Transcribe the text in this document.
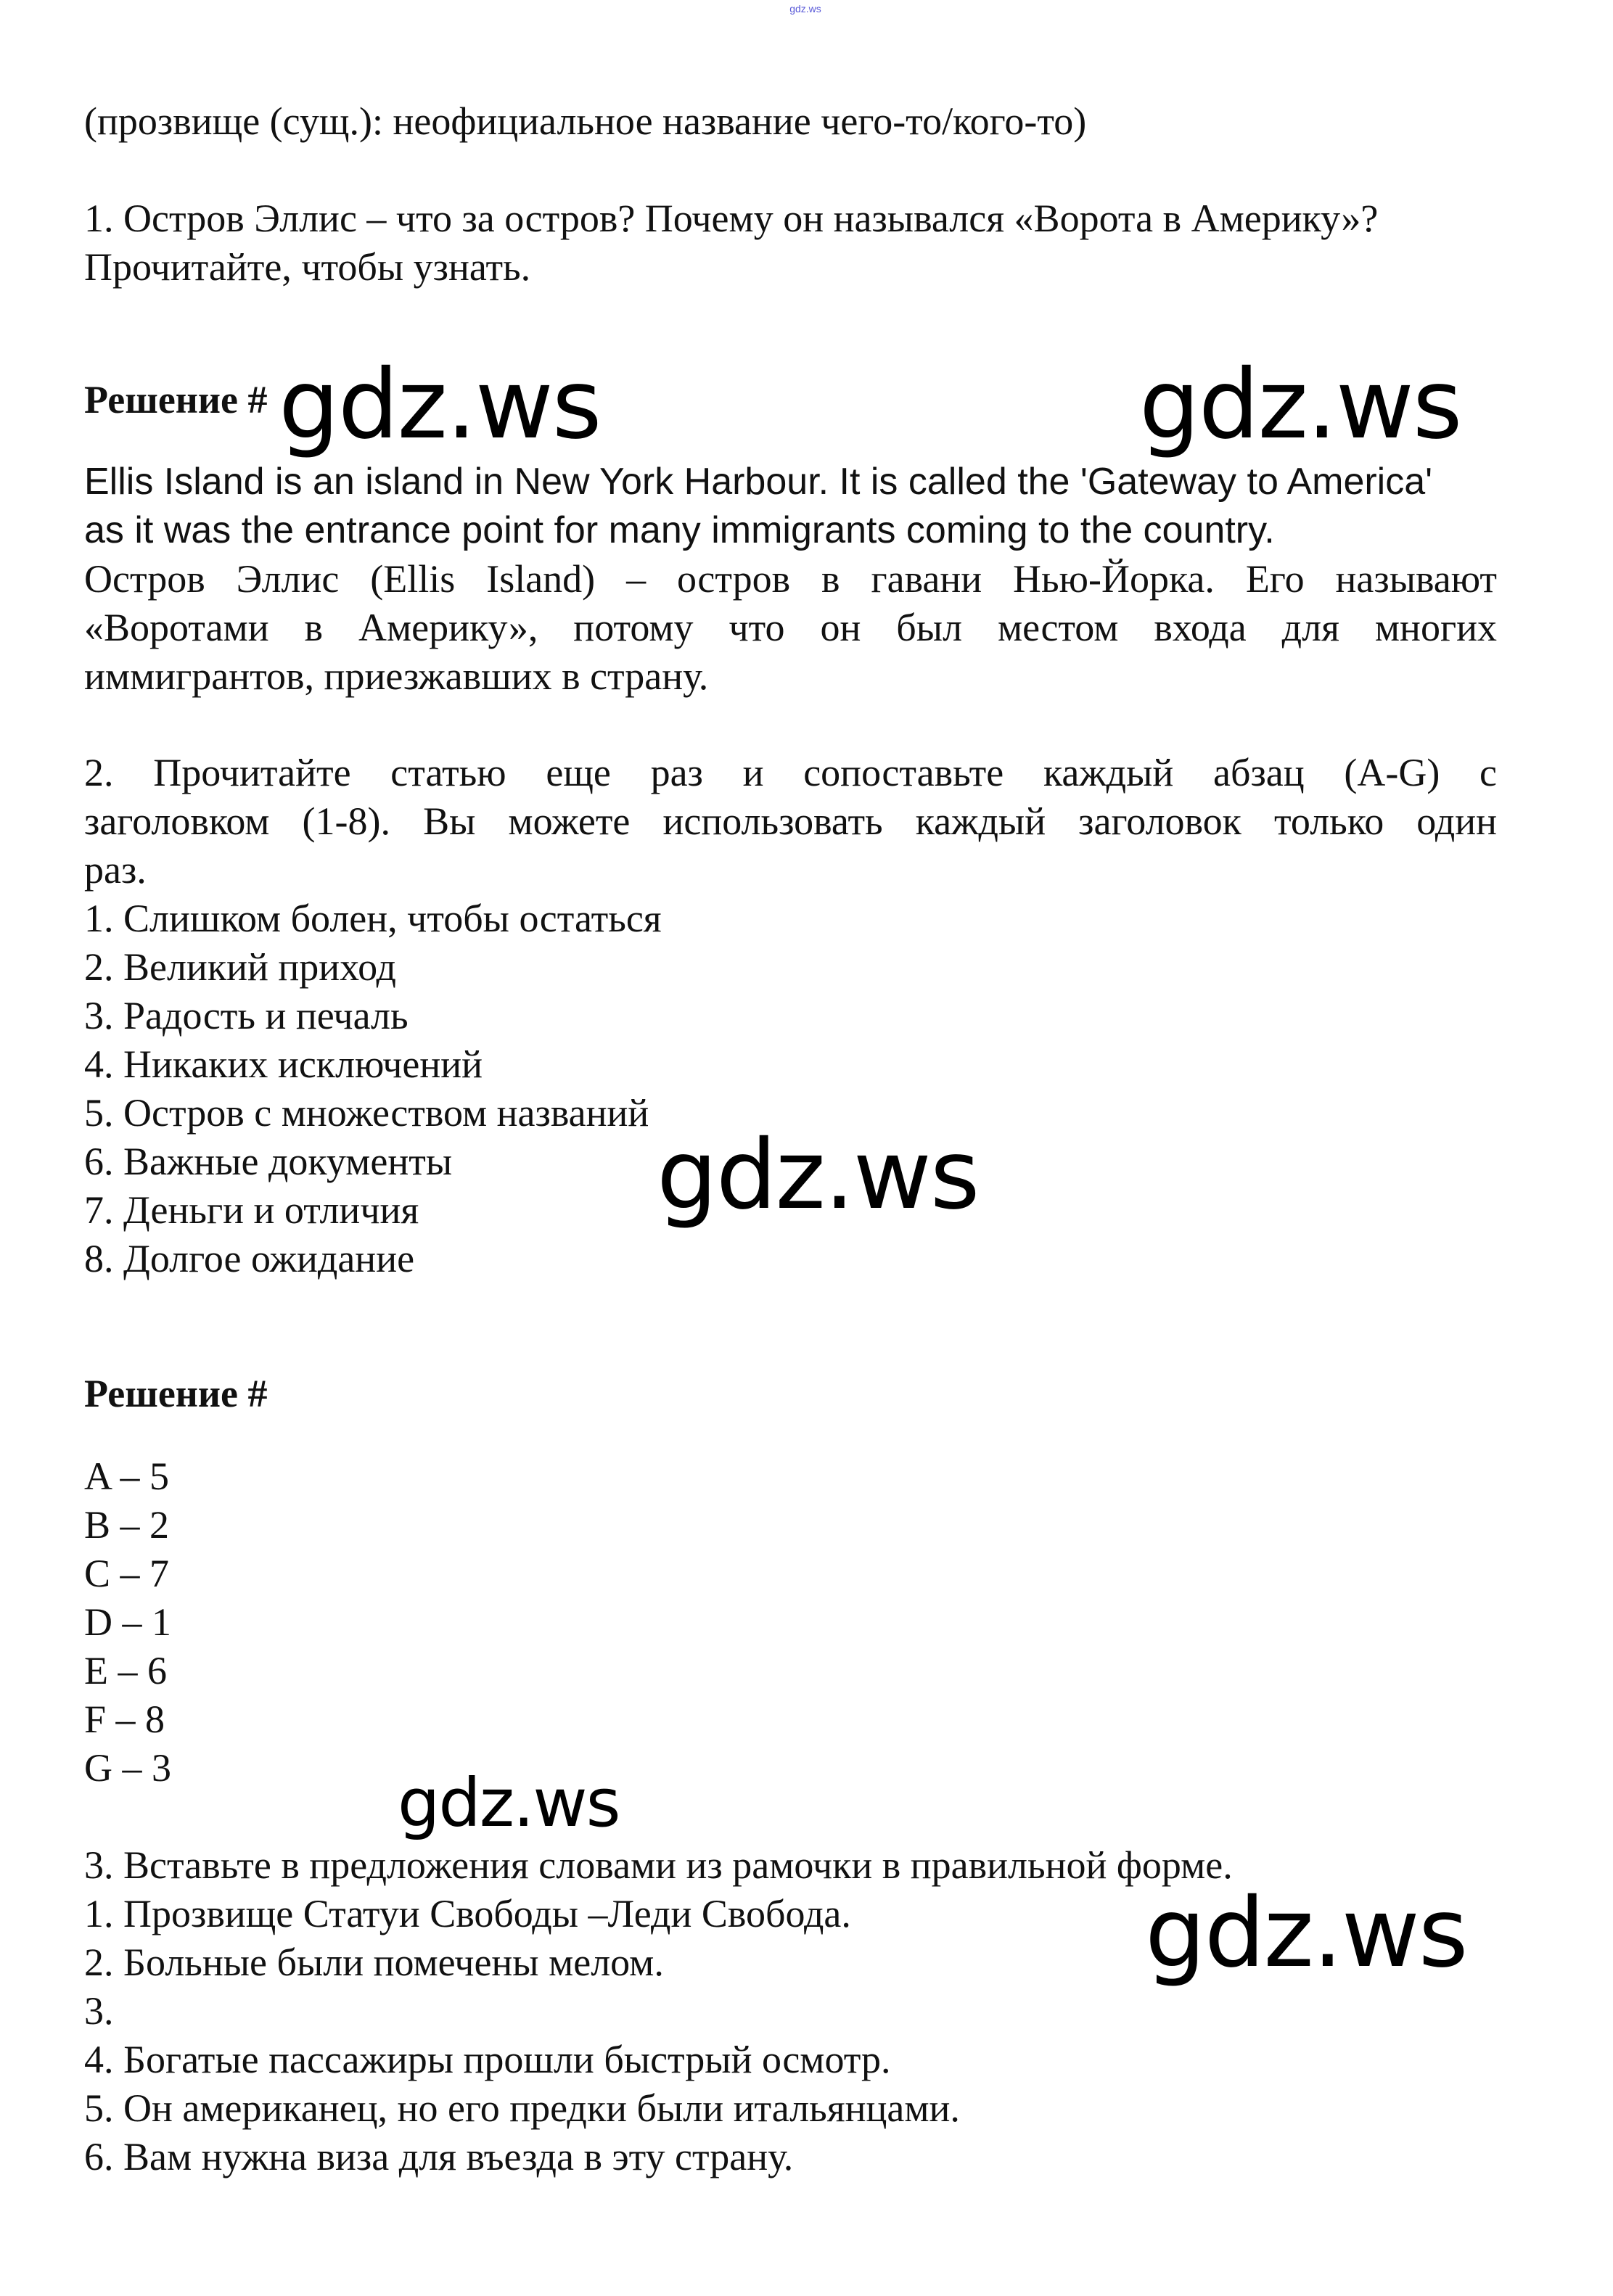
gdz.ws
(прозвище (сущ.): неофициальное название чего-то/кого-то)
1. Остров Эллис – что за остров? Почему он назывался «Ворота в Америку»?
Прочитайте, чтобы узнать.
Решение # gdz.ws	gdz.ws
Ellis Island is an island in New York Harbour. It is called the 'Gateway to America'
as it was the entrance point for many immigrants coming to the country.
Остров Эллис (Ellis Island) – остров в гавани Нью-Йорка. Его называют
«Воротами в Америку», потому что он был местом входа для многих
иммигрантов, приезжавших в страну.
2. Прочитайте статью еще раз и сопоставьте каждый абзац (A-G) с
заголовком (1-8). Вы можете использовать каждый заголовок только один
раз.
1. Слишком болен, чтобы остаться
2. Великий приход
3. Радость и печаль
4. Никаких исключений
5. Остров с множеством названий
6. Важные документы
7. Деньги и отличия
8. Долгое ожидание
gdz.ws
Решение #
A – 5
B – 2
C – 7
D – 1
E – 6
F – 8
G – 3	gdz.ws
3. Вставьте в предложения словами из рамочки в правильной форме.
1. Прозвище Статуи Свободы –Леди Свобода.
2. Больные были помечены мелом.
3.
4. Богатые пассажиры прошли быстрый осмотр.
5. Он американец, но его предки были итальянцами.
6. Вам нужна виза для въезда в эту страну.
gdz.ws
